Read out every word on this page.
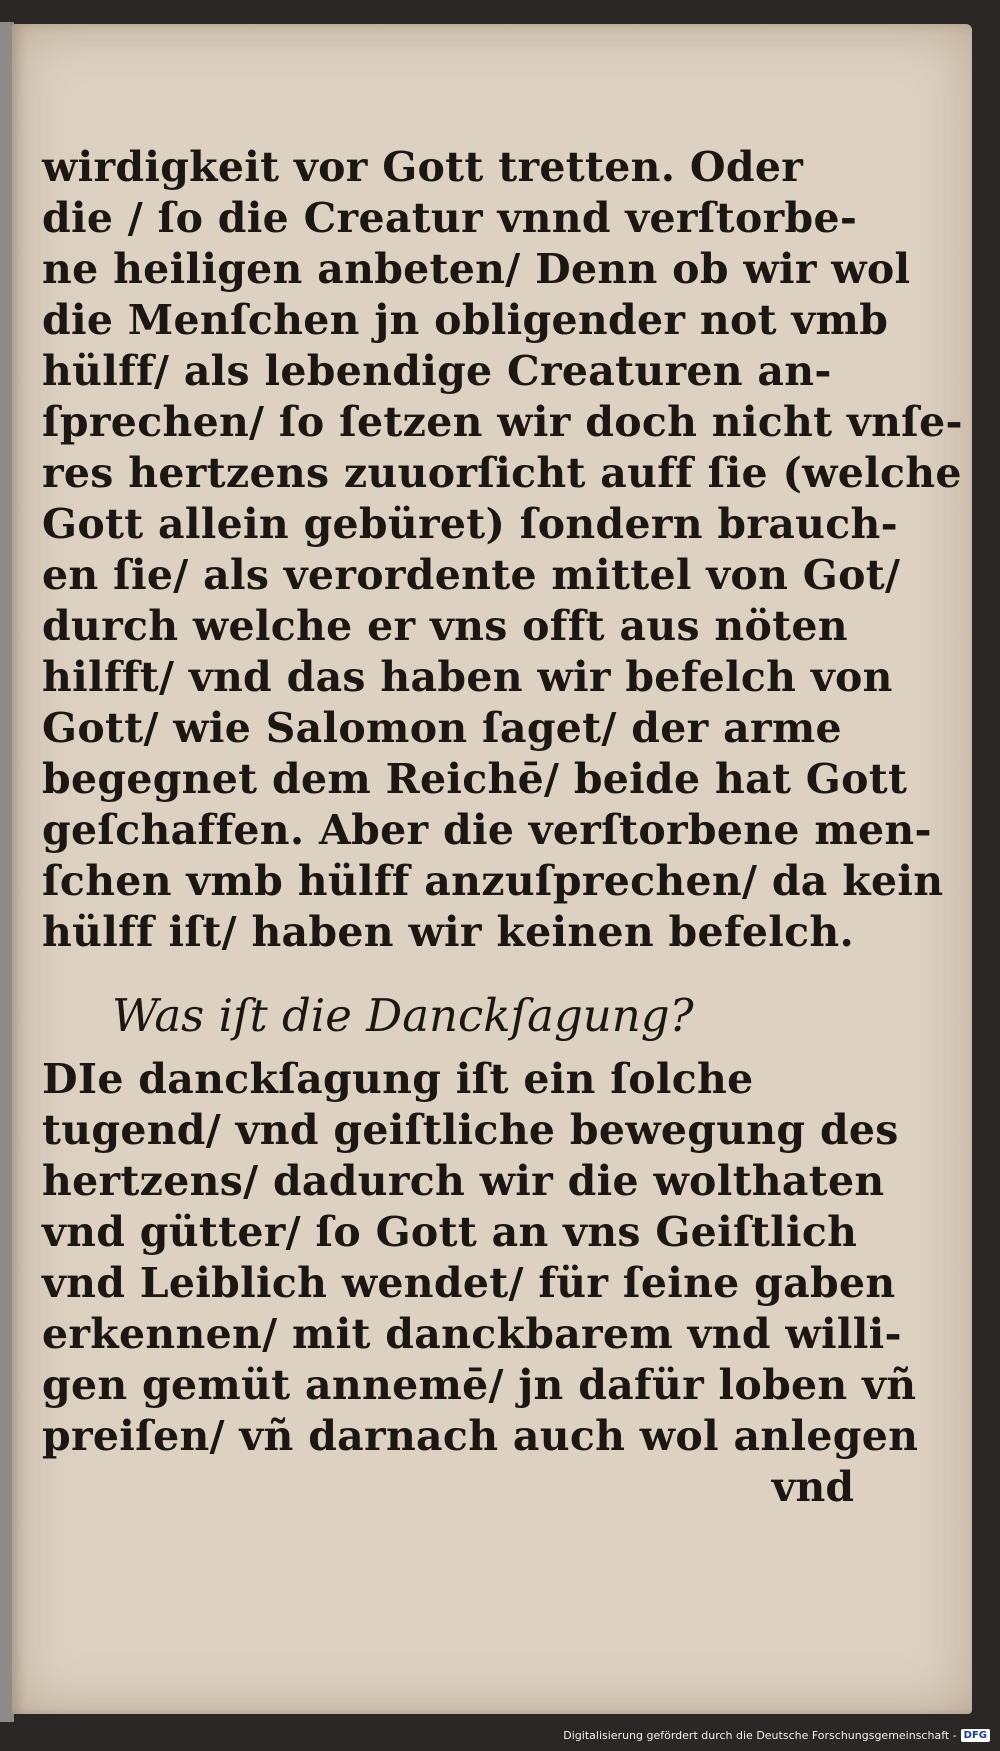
wirdigkeit vor Gott tretten. Oder
die / ſo die Creatur vnnd verſtorbe-
ne heiligen anbeten/ Denn ob wir wol
die Menſchen jn obligender not vmb
hülff/ als lebendige Creaturen an-
ſprechen/ ſo ſetzen wir doch nicht vnſe-
res hertzens zuuorſicht auff ſie (welche
Gott allein gebüret) ſondern brauch-
en ſie/ als verordente mittel von Got/
durch welche er vns offt aus nöten
hilfft/ vnd das haben wir befelch von
Gott/ wie Salomon ſaget/ der arme
begegnet dem Reichē/ beide hat Gott
geſchaffen. Aber die verſtorbene men-
ſchen vmb hülff anzuſprechen/ da kein
hülff iſt/ haben wir keinen befelch.
Was iſt die Danckſagung?
DIe danckſagung iſt ein ſolche
tugend/ vnd geiſtliche bewegung des
hertzens/ dadurch wir die wolthaten
vnd gütter/ ſo Gott an vns Geiſtlich
vnd Leiblich wendet/ für ſeine gaben
erkennen/ mit danckbarem vnd willi-
gen gemüt annemē/ jn dafür loben vñ
preiſen/ vñ darnach auch wol anlegen
vnd
Digitalisierung gefördert durch die Deutsche Forschungsgemeinschaft - DFG
